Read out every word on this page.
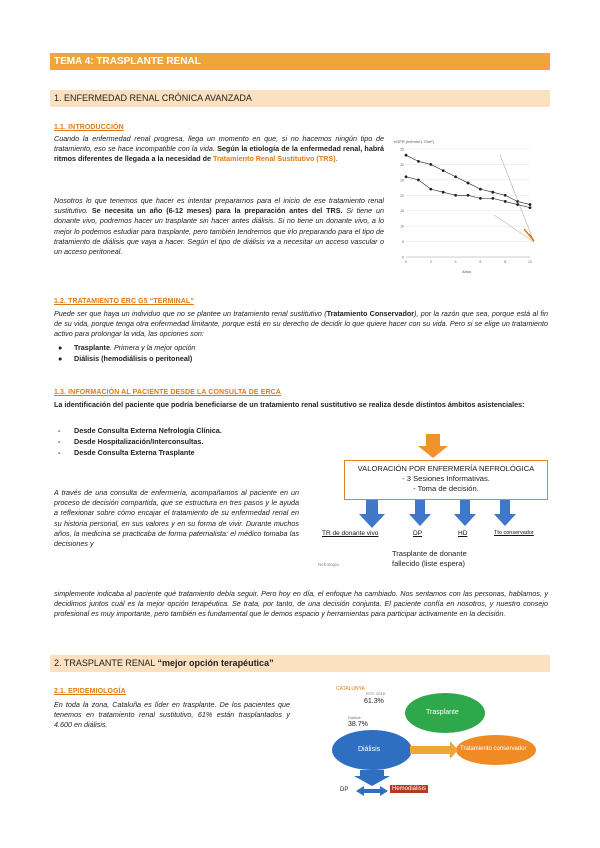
TEMA 4: TRASPLANTE RENAL
1. ENFERMEDAD RENAL CRÓNICA AVANZADA
1.1. INTRODUCCIÓN
Cuando la enfermedad renal progresa, llega un momento en que, si no hacemos ningún tipo de tratamiento, eso se hace incompatible con la vida. Según la etiología de la enfermedad renal, habrá ritmos diferentes de llegada a la necesidad de Tratamiento Renal Sustitutivo (TRS).
Nosotros lo que tenemos que hacer es intentar prepararnos para el inicio de ese tratamiento renal sustitutivo. Se necesita un año (6-12 meses) para la preparación antes del TRS. Si tiene un donante vivo, podremos hacer un trasplante sin hacer antes diálisis. Si no tiene un donante vivo, a lo mejor lo podemos estudiar para trasplante, pero también tendremos que irlo preparando para el tipo de tratamiento de diálisis que vaya a hacer. Según el tipo de diálisis va a necesitar un acceso vascular o un acceso peritoneal.
eGFR (ml/min/1.73m²)
0
5
10
15
20
25
30
35
0	2	4	6	8	10
Años
1.2. TRATAMIENTO ERC G5 “TERMINAL”
Puede ser que haya un individuo que no se plantee un tratamiento renal sustitutivo (Tratamiento Conservador), por la razón que sea, porque está al fin de su vida, porque tenga otra enfermedad limitante, porque está en su derecho de decidir lo que quiere hacer con su vida. Pero si se elige un tratamiento activo para prolongar la vida, las opciones son:
● Trasplante. Primera y la mejor opción
● Diálisis (hemodiálisis o peritoneal)
1.3. INFORMACIÓN AL PACIENTE DESDE LA CONSULTA DE ERCA
La identificación del paciente que podría beneficiarse de un tratamiento renal sustitutivo se realiza desde distintos ámbitos asistenciales:
- Desde Consulta Externa Nefrología Clínica.
- Desde Hospitalización/Interconsultas.
- Desde Consulta Externa Trasplante
A través de una consulta de enfermería, acompañamos al paciente en un proceso de decisión compartida, que se estructura en tres pasos y le ayuda a reflexionar sobre cómo encajar el tratamiento de su enfermedad renal en su historia personal, en sus valores y en su forma de vivir. Durante muchos años, la medicina se practicaba de forma paternalista: el médico tomaba las decisiones y
VALORACIÓN POR ENFERMERÍA NEFROLÓGICA
- 3 Sesiones Informativas.
- Toma de decisión.
TR de donante vivo	DP	HD	Tto conservador
Trasplante de donante
fallecido (liste espera)
Nefrología
simplemente indicaba al paciente qué tratamiento debía seguir. Pero hoy en día, el enfoque ha cambiado. Nos sentamos con las personas, hablamos, y decidimos juntos cuál es la mejor opción terapéutica. Se trata, por tanto, de una decisión conjunta. El paciente confía en nosotros, y nuestro consejo profesional es muy importante, pero también es fundamental que le demos espacio y herramientas para participar activamente en la decisión.
2. TRASPLANTE RENAL “mejor opción terapéutica”
2.1. EPIDEMIOLOGÍA
En toda la zona, Cataluña es líder en trasplante. De los pacientes que tenemos en tratamiento renal sustitutivo, 61% están trasplantados y 4.600 en diálisis.
CATALUNYA
RTS, 2016
61.3%
Diálisis
38.7%
Trasplante
Diálisis	Tratamiento conservador
DP	Hemodiálisis
